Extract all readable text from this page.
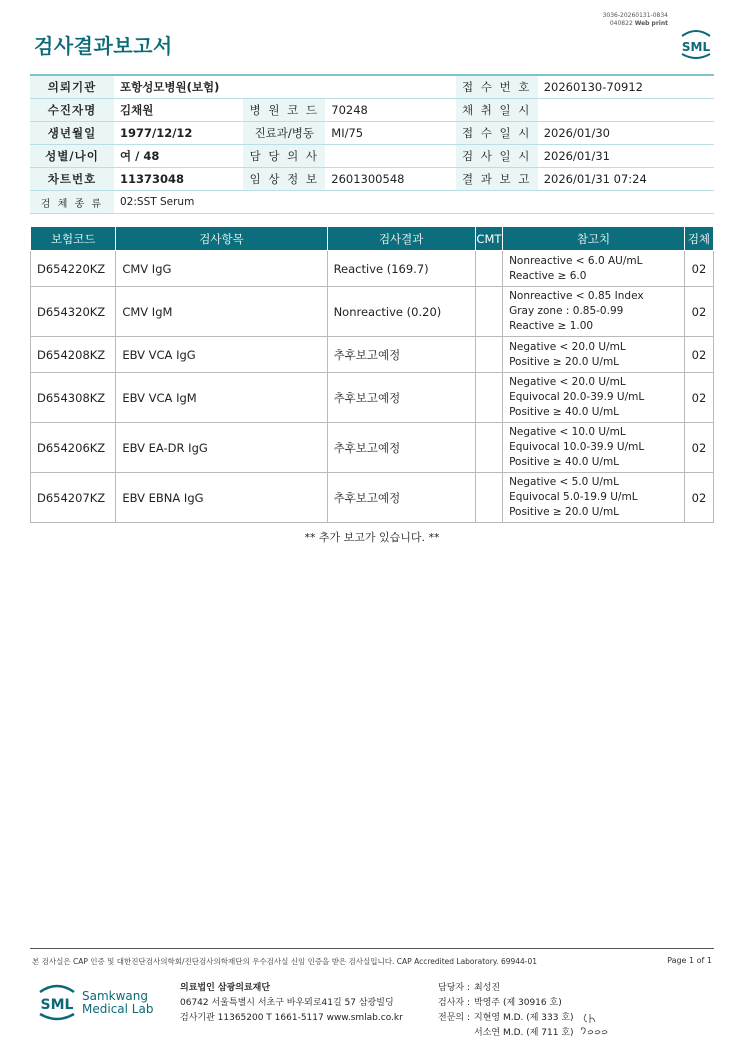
3036-20260131-0834
040822 Web print
검사결과보고서	SML
의뢰기관	포항성모병원(보험)			접 수 번 호	20260130-70912
수진자명	김채원	병 원 코 드	70248	채 취 일 시	
생년월일	1977/12/12	진료과/병동	MI/75	접 수 일 시	2026/01/30
성별/나이	여 / 48	담 당 의 사		검 사 일 시	2026/01/31
차트번호	11373048	임 상 정 보	2601300548	결 과 보 고	2026/01/31 07:24
검 체 종 류	02:SST Serum				
보험코드	검사항목	검사결과	CMT	참고치	검체
D654220KZ	CMV IgG	Reactive (169.7)		Nonreactive < 6.0 AU/mL
Reactive ≥ 6.0	02
D654320KZ	CMV IgM	Nonreactive (0.20)		Nonreactive < 0.85 Index
Gray zone : 0.85-0.99
Reactive ≥ 1.00	02
D654208KZ	EBV VCA IgG	추후보고예정		Negative < 20.0 U/mL
Positive ≥ 20.0 U/mL	02
D654308KZ	EBV VCA IgM	추후보고예정		Negative < 20.0 U/mL
Equivocal 20.0-39.9 U/mL
Positive ≥ 40.0 U/mL	02
D654206KZ	EBV EA-DR IgG	추후보고예정		Negative < 10.0 U/mL
Equivocal 10.0-39.9 U/mL
Positive ≥ 40.0 U/mL	02
D654207KZ	EBV EBNA IgG	추후보고예정		Negative < 5.0 U/mL
Equivocal 5.0-19.9 U/mL
Positive ≥ 20.0 U/mL	02
** 추가 보고가 있습니다. **
본 검사실은 CAP 인증 및 대한진단검사의학회/진단검사의학재단의 우수검사실 신임 인증을 받은 검사실입니다. CAP Accredited Laboratory. 69944-01	Page 1 of 1
SML
Samkwang
Medical Lab
의료법인 삼광의료재단
06742 서울특별시 서초구 바우뫼로41길 57 삼광빌딩
검사기관 11365200 T 1661-5117 www.smlab.co.kr
담당자 : 최성진
검사자 : 박영주 (제 30916 호)
전문의 : 지현영 M.D. (제 333 호)
서소연 M.D. (제 711 호)
